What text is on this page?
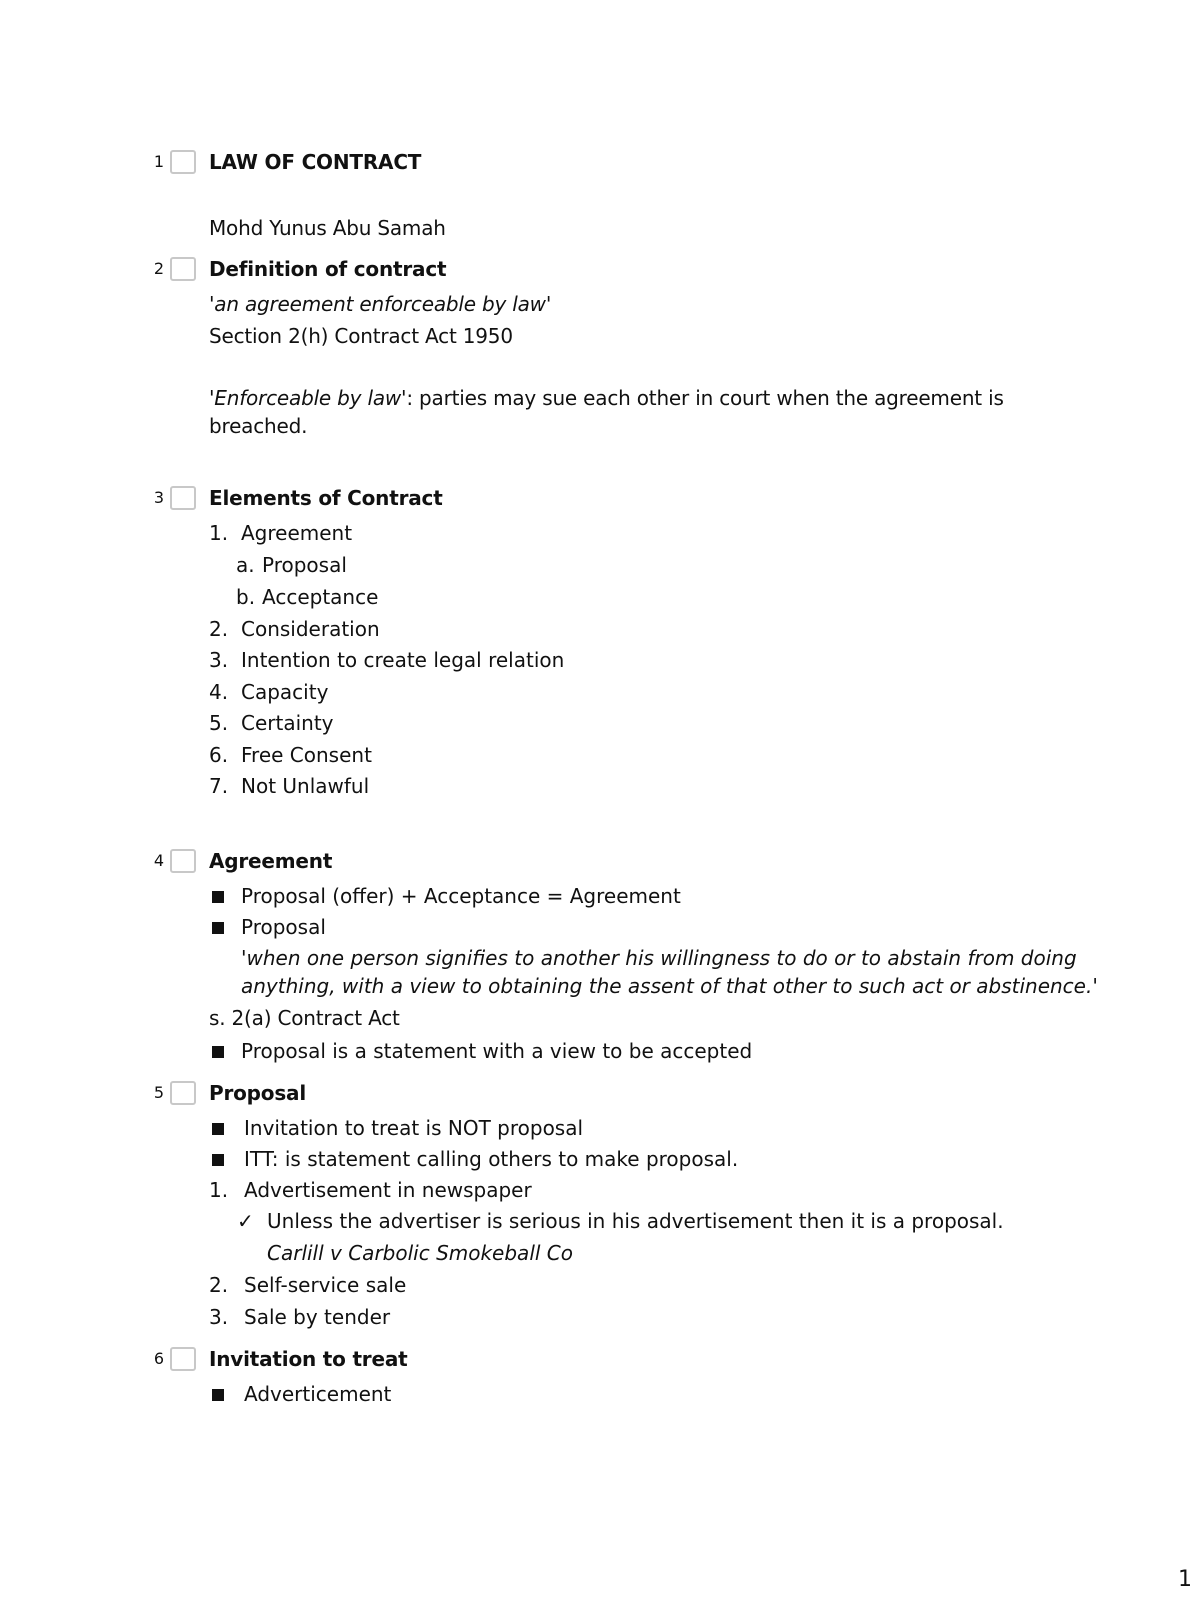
1 LAW OF CONTRACT
Mohd Yunus Abu Samah
2 Definition of contract
'an agreement enforceable by law'
Section 2(h) Contract Act 1950
'Enforceable by law': parties may sue each other in court when the agreement is
breached.
3 Elements of Contract
1. Agreement
a. Proposal
b. Acceptance
2. Consideration
3. Intention to create legal relation
4. Capacity
5. Certainty
6. Free Consent
7. Not Unlawful
4 Agreement
Proposal (offer) + Acceptance = Agreement
Proposal
'when one person signifies to another his willingness to do or to abstain from doing
anything, with a view to obtaining the assent of that other to such act or abstinence.'
s. 2(a) Contract Act
Proposal is a statement with a view to be accepted
5 Proposal
Invitation to treat is NOT proposal
ITT: is statement calling others to make proposal.
1. Advertisement in newspaper
✓ Unless the advertiser is serious in his advertisement then it is a proposal.
Carlill v Carbolic Smokeball Co
2. Self-service sale
3. Sale by tender
6 Invitation to treat
Adverticement
1
